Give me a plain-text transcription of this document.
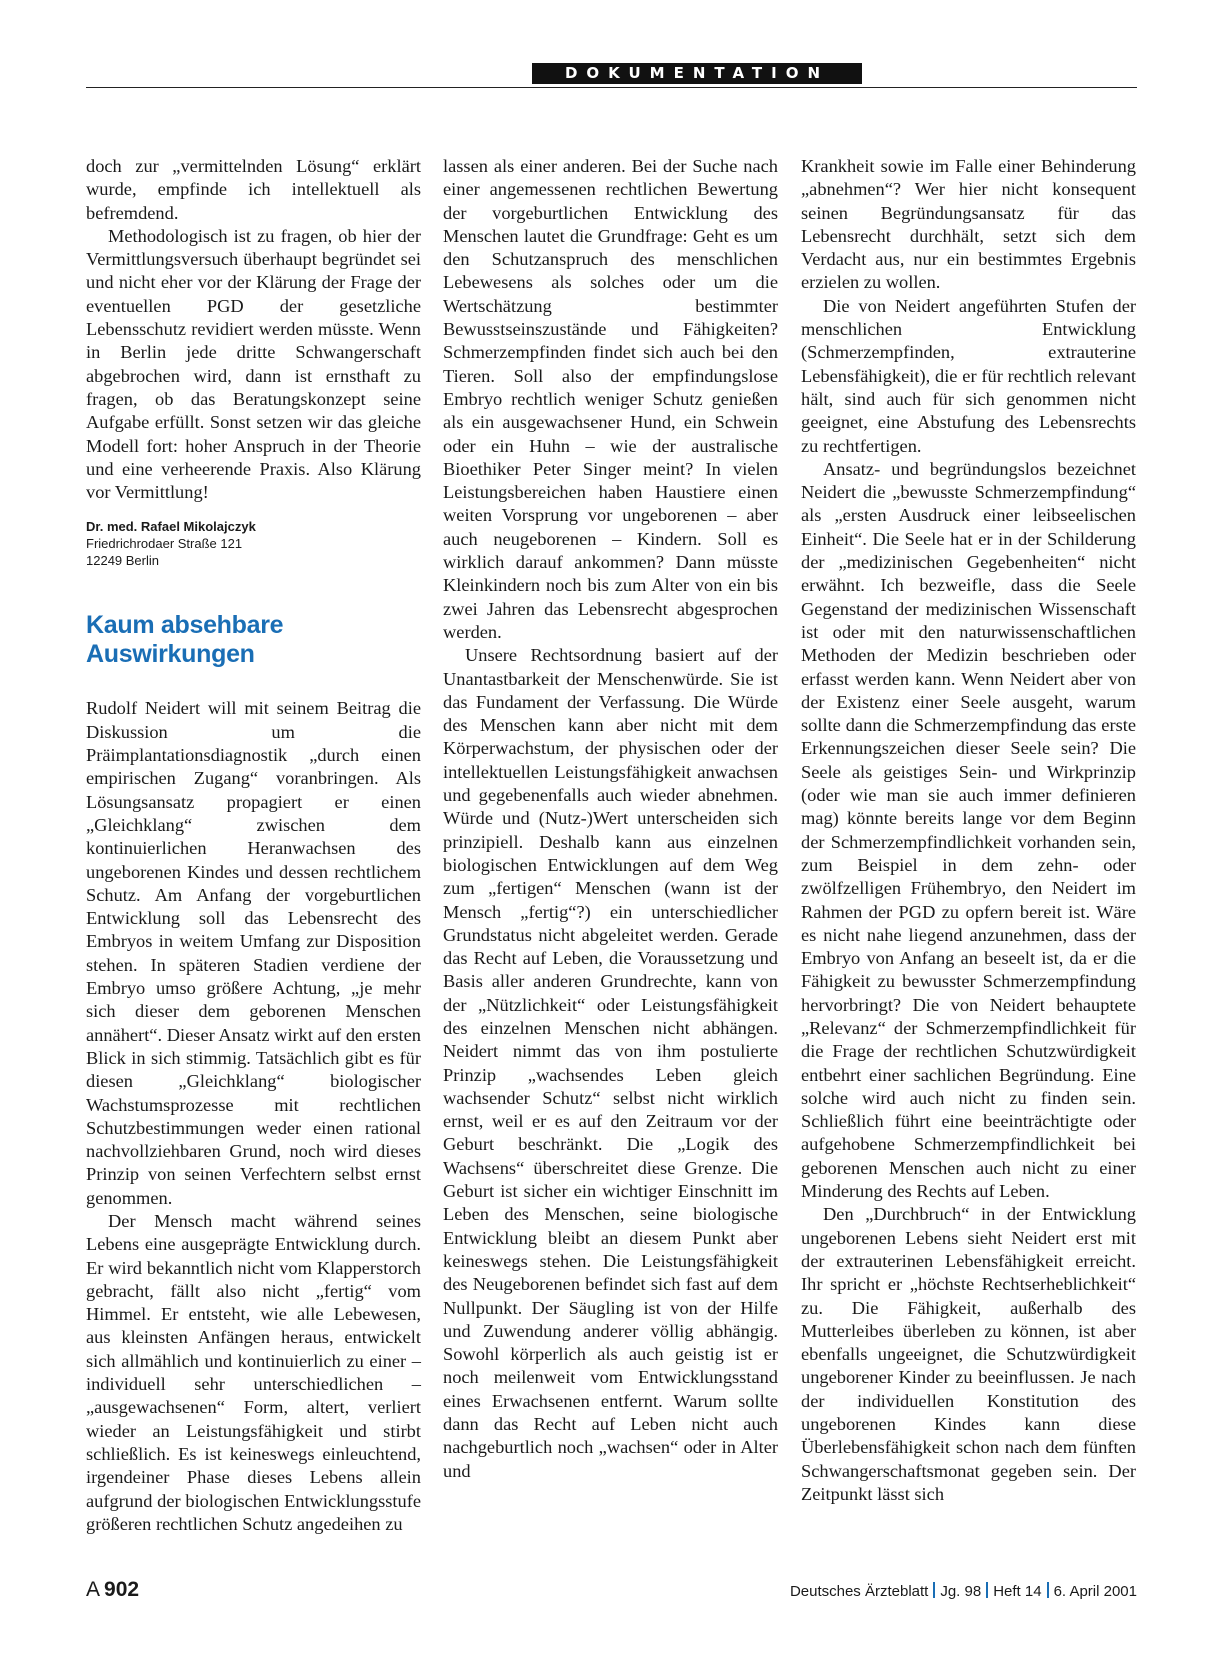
DOKUMENTATION

doch zur „vermittelnden Lösung“ erklärt wurde, empfinde ich intellektuell als befremdend.

Methodologisch ist zu fragen, ob hier der Vermittlungsversuch überhaupt begründet sei und nicht eher vor der Klärung der Frage der eventuellen PGD der gesetzliche Lebensschutz revidiert werden müsste. Wenn in Berlin jede dritte Schwangerschaft abgebrochen wird, dann ist ernsthaft zu fragen, ob das Beratungskonzept seine Aufgabe erfüllt. Sonst setzen wir das gleiche Modell fort: hoher Anspruch in der Theorie und eine verheerende Praxis. Also Klärung vor Vermittlung!

Dr. med. Rafael Mikolajczyk
Friedrichrodaer Straße 121
12249 Berlin
Kaum absehbare
Auswirkungen

Rudolf Neidert will mit seinem Beitrag die Diskussion um die Präimplantationsdiagnostik „durch einen empirischen Zugang“ voranbringen. Als Lösungsansatz propagiert er einen „Gleichklang“ zwischen dem kontinuierlichen Heranwachsen des ungeborenen Kindes und dessen rechtlichem Schutz. Am Anfang der vorgeburtlichen Entwicklung soll das Lebensrecht des Embryos in weitem Umfang zur Disposition stehen. In späteren Stadien verdiene der Embryo umso größere Achtung, „je mehr sich dieser dem geborenen Menschen annähert“. Dieser Ansatz wirkt auf den ersten Blick in sich stimmig. Tatsächlich gibt es für diesen „Gleichklang“ biologischer Wachstumsprozesse mit rechtlichen Schutzbestimmungen weder einen rational nachvollziehbaren Grund, noch wird dieses Prinzip von seinen Verfechtern selbst ernst genommen.

Der Mensch macht während seines Lebens eine ausgeprägte Entwicklung durch. Er wird bekanntlich nicht vom Klapperstorch gebracht, fällt also nicht „fertig“ vom Himmel. Er entsteht, wie alle Lebewesen, aus kleinsten Anfängen heraus, entwickelt sich allmählich und kontinuierlich zu einer – individuell sehr unterschiedlichen – „ausgewachsenen“ Form, altert, verliert wieder an Leistungsfähigkeit und stirbt schließlich. Es ist keineswegs einleuchtend, irgendeiner Phase dieses Lebens allein aufgrund der biologischen Entwicklungsstufe größeren rechtlichen Schutz angedeihen zu

lassen als einer anderen. Bei der Suche nach einer angemessenen rechtlichen Bewertung der vorgeburtlichen Entwicklung des Menschen lautet die Grundfrage: Geht es um den Schutzanspruch des menschlichen Lebewesens als solches oder um die Wertschätzung bestimmter Bewusstseinszustände und Fähigkeiten? Schmerzempfinden findet sich auch bei den Tieren. Soll also der empfindungslose Embryo rechtlich weniger Schutz genießen als ein ausgewachsener Hund, ein Schwein oder ein Huhn – wie der australische Bioethiker Peter Singer meint? In vielen Leistungsbereichen haben Haustiere einen weiten Vorsprung vor ungeborenen – aber auch neugeborenen – Kindern. Soll es wirklich darauf ankommen? Dann müsste Kleinkindern noch bis zum Alter von ein bis zwei Jahren das Lebensrecht abgesprochen werden.

Unsere Rechtsordnung basiert auf der Unantastbarkeit der Menschenwürde. Sie ist das Fundament der Verfassung. Die Würde des Menschen kann aber nicht mit dem Körperwachstum, der physischen oder der intellektuellen Leistungsfähigkeit anwachsen und gegebenenfalls auch wieder abnehmen. Würde und (Nutz-)Wert unterscheiden sich prinzipiell. Deshalb kann aus einzelnen biologischen Entwicklungen auf dem Weg zum „fertigen“ Menschen (wann ist der Mensch „fertig“?) ein unterschiedlicher Grundstatus nicht abgeleitet werden. Gerade das Recht auf Leben, die Voraussetzung und Basis aller anderen Grundrechte, kann von der „Nützlichkeit“ oder Leistungsfähigkeit des einzelnen Menschen nicht abhängen. Neidert nimmt das von ihm postulierte Prinzip „wachsendes Leben gleich wachsender Schutz“ selbst nicht wirklich ernst, weil er es auf den Zeitraum vor der Geburt beschränkt. Die „Logik des Wachsens“ überschreitet diese Grenze. Die Geburt ist sicher ein wichtiger Einschnitt im Leben des Menschen, seine biologische Entwicklung bleibt an diesem Punkt aber keineswegs stehen. Die Leistungsfähigkeit des Neugeborenen befindet sich fast auf dem Nullpunkt. Der Säugling ist von der Hilfe und Zuwendung anderer völlig abhängig. Sowohl körperlich als auch geistig ist er noch meilenweit vom Entwicklungsstand eines Erwachsenen entfernt. Warum sollte dann das Recht auf Leben nicht auch nachgeburtlich noch „wachsen“ oder in Alter und

Krankheit sowie im Falle einer Behinderung „abnehmen“? Wer hier nicht konsequent seinen Begründungsansatz für das Lebensrecht durchhält, setzt sich dem Verdacht aus, nur ein bestimmtes Ergebnis erzielen zu wollen.

Die von Neidert angeführten Stufen der menschlichen Entwicklung (Schmerzempfinden, extrauterine Lebensfähigkeit), die er für rechtlich relevant hält, sind auch für sich genommen nicht geeignet, eine Abstufung des Lebensrechts zu rechtfertigen.

Ansatz- und begründungslos bezeichnet Neidert die „bewusste Schmerzempfindung“ als „ersten Ausdruck einer leibseelischen Einheit“. Die Seele hat er in der Schilderung der „medizinischen Gegebenheiten“ nicht erwähnt. Ich bezweifle, dass die Seele Gegenstand der medizinischen Wissenschaft ist oder mit den naturwissenschaftlichen Methoden der Medizin beschrieben oder erfasst werden kann. Wenn Neidert aber von der Existenz einer Seele ausgeht, warum sollte dann die Schmerzempfindung das erste Erkennungszeichen dieser Seele sein? Die Seele als geistiges Sein- und Wirkprinzip (oder wie man sie auch immer definieren mag) könnte bereits lange vor dem Beginn der Schmerzempfindlichkeit vorhanden sein, zum Beispiel in dem zehn- oder zwölfzelligen Frühembryo, den Neidert im Rahmen der PGD zu opfern bereit ist. Wäre es nicht nahe liegend anzunehmen, dass der Embryo von Anfang an beseelt ist, da er die Fähigkeit zu bewusster Schmerzempfindung hervorbringt? Die von Neidert behauptete „Relevanz“ der Schmerzempfindlichkeit für die Frage der rechtlichen Schutzwürdigkeit entbehrt einer sachlichen Begründung. Eine solche wird auch nicht zu finden sein. Schließlich führt eine beeinträchtigte oder aufgehobene Schmerzempfindlichkeit bei geborenen Menschen auch nicht zu einer Minderung des Rechts auf Leben.

Den „Durchbruch“ in der Entwicklung ungeborenen Lebens sieht Neidert erst mit der extrauterinen Lebensfähigkeit erreicht. Ihr spricht er „höchste Rechtserheblichkeit“ zu. Die Fähigkeit, außerhalb des Mutterleibes überleben zu können, ist aber ebenfalls ungeeignet, die Schutzwürdigkeit ungeborener Kinder zu beeinflussen. Je nach der individuellen Konstitution des ungeborenen Kindes kann diese Überlebensfähigkeit schon nach dem fünften Schwangerschaftsmonat gegeben sein. Der Zeitpunkt lässt sich

A 902	Deutsches Ärzteblatt Jg. 98 Heft 14 6. April 2001
